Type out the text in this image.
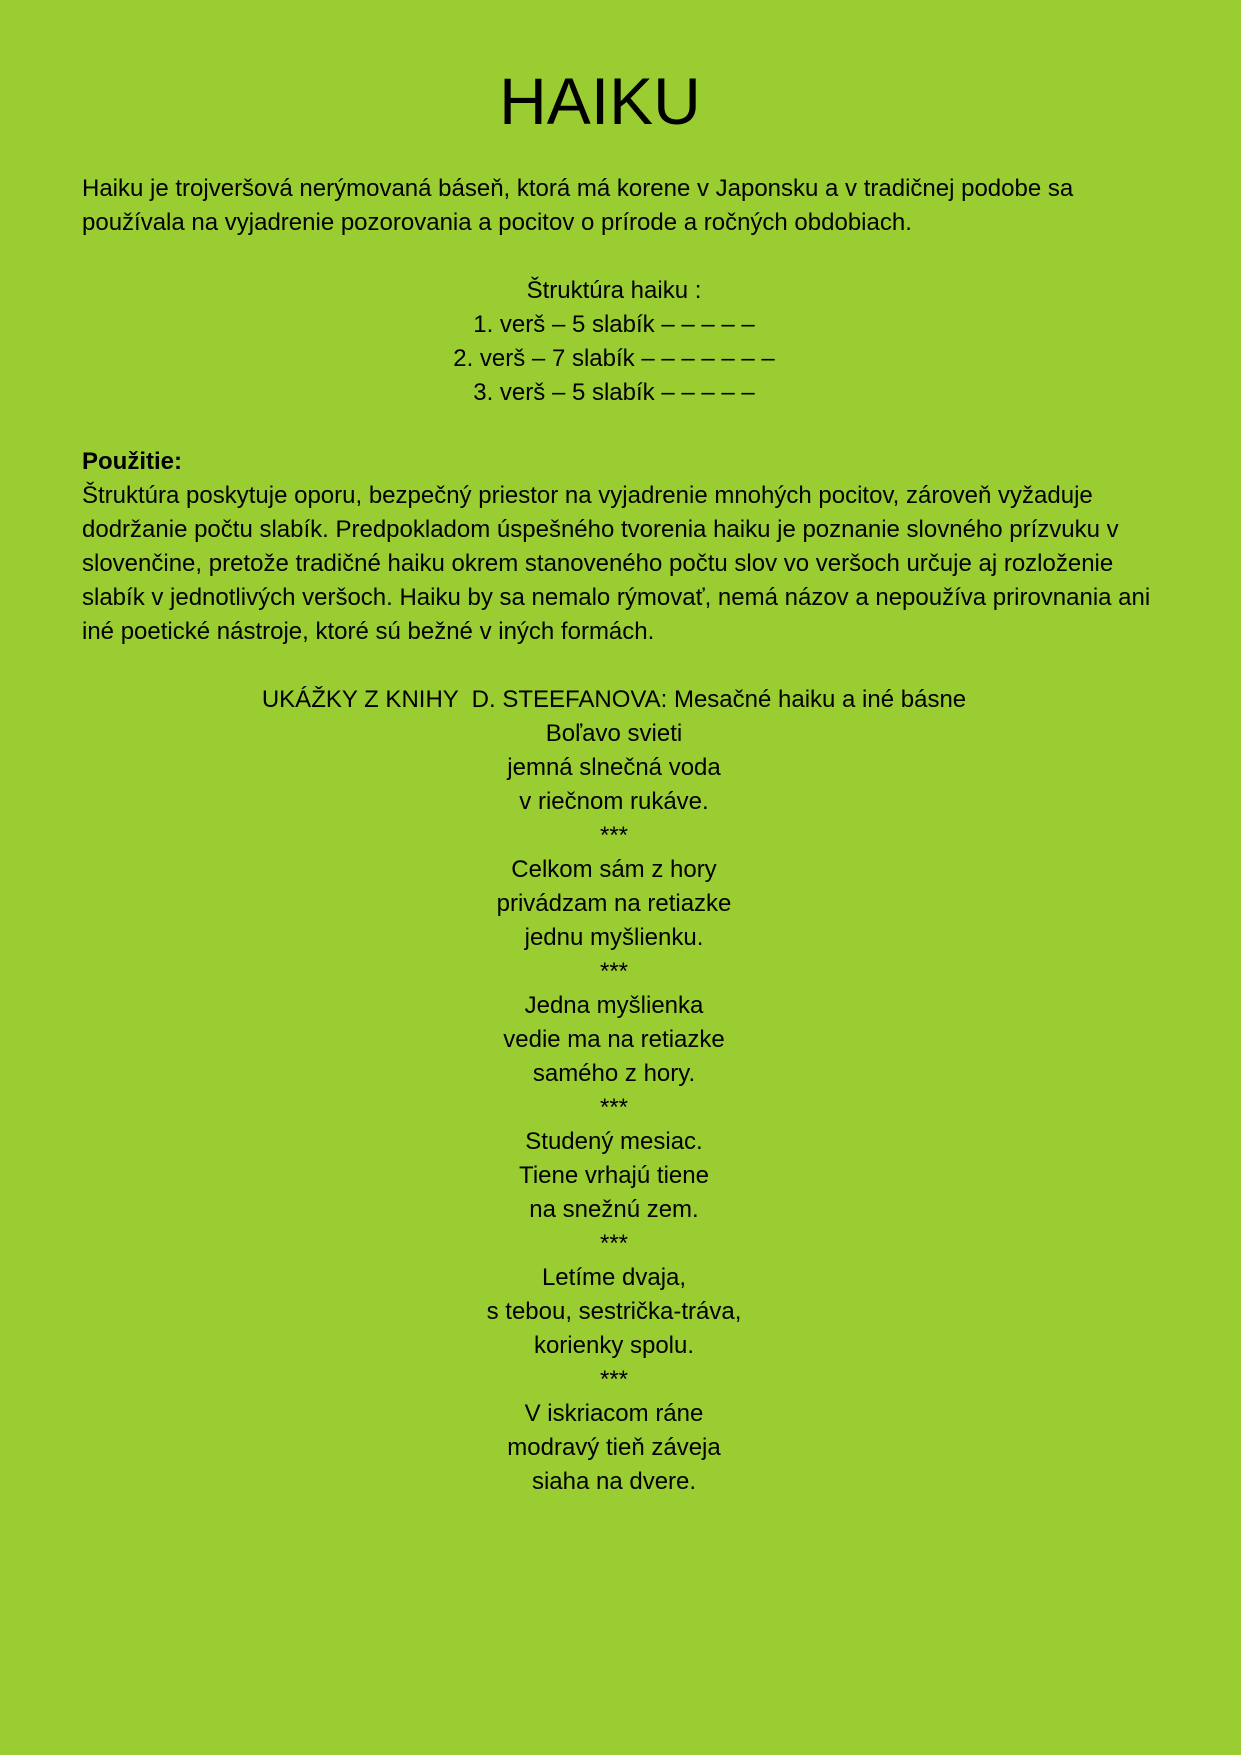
HAIKU

Haiku je trojveršová nerýmovaná báseň, ktorá má korene v Japonsku a v tradičnej podobe sa používala na vyjadrenie pozorovania a pocitov o prírode a ročných obdobiach.

Štruktúra haiku :
1. verš – 5 slabík – – – – –
2. verš – 7 slabík – – – – – – –
3. verš – 5 slabík – – – – –

Použitie:

Štruktúra poskytuje oporu, bezpečný priestor na vyjadrenie mnohých pocitov, zároveň vyžaduje dodržanie počtu slabík. Predpokladom úspešného tvorenia haiku je poznanie slovného prízvuku v slovenčine, pretože tradičné haiku okrem stanoveného počtu slov vo veršoch určuje aj rozloženie slabík v jednotlivých veršoch. Haiku by sa nemalo rýmovať, nemá názov a nepoužíva prirovnania ani iné poetické nástroje, ktoré sú bežné v iných formách.

UKÁŽKY Z KNIHY  D. STEEFANOVA: Mesačné haiku a iné básne
Boľavo svieti
jemná slnečná voda
v riečnom rukáve.
***
Celkom sám z hory
privádzam na retiazke
jednu myšlienku.
***
Jedna myšlienka
vedie ma na retiazke
samého z hory.
***
Studený mesiac.
Tiene vrhajú tiene
na snežnú zem.
***
Letíme dvaja,
s tebou, sestrička-tráva,
korienky spolu.
***
V iskriacom ráne
modravý tieň záveja
siaha na dvere.
